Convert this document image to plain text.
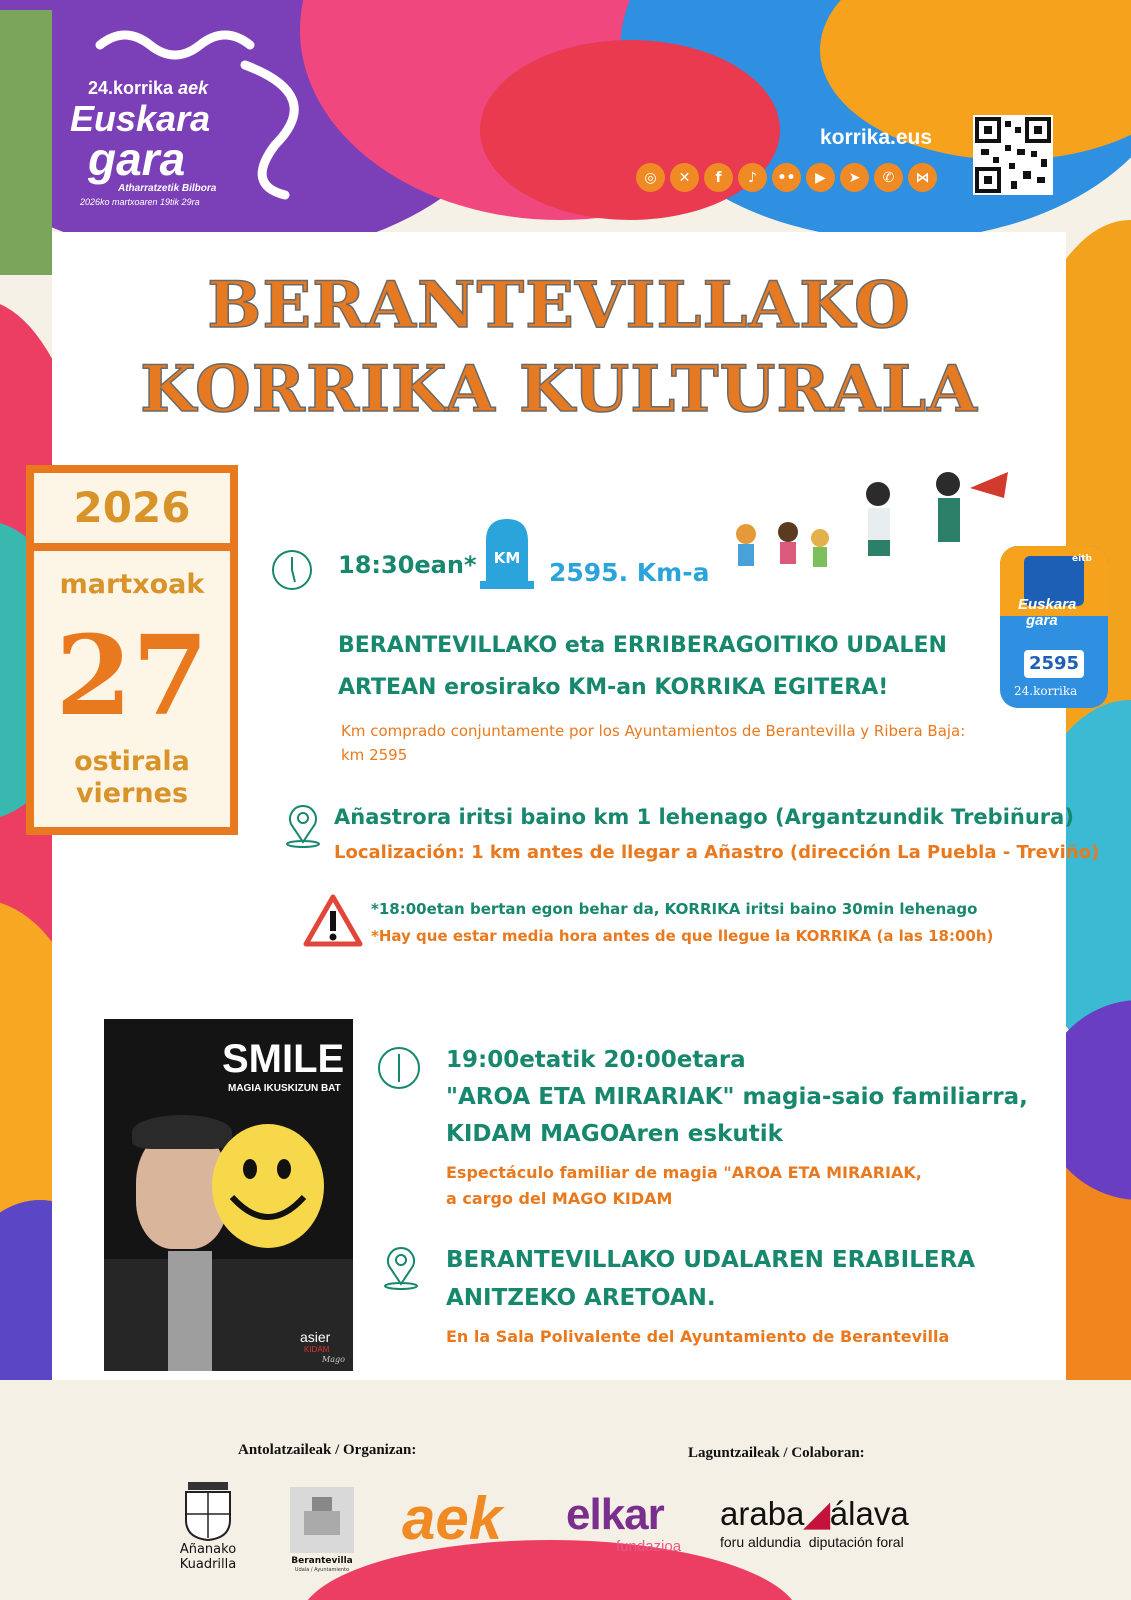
24.korrika aek
Euskara
gara
Atharratzetik Bilbora
2026ko martxoaren 19tik 29ra
korrika.eus
◎	✕	f	♪	••	▶	➤	✆	⋈
BERANTEVILLAKO
KORRIKA KULTURALA
2026
martxoak
27
ostirala
viernes
18:30ean* KM 2595. Km-a	eitb
Euskara
gara
2595
24.korrika
BERANTEVILLAKO eta ERRIBERAGOITIKO UDALEN
ARTEAN erosirako KM-an KORRIKA EGITERA!
Km comprado conjuntamente por los Ayuntamientos de Berantevilla y Ribera Baja:
km 2595
Añastrora iritsi baino km 1 lehenago (Argantzundik Trebiñura)
Localización: 1 km antes de llegar a Añastro (dirección La Puebla - Treviño)
*18:00etan bertan egon behar da, KORRIKA iritsi baino 30min lehenago
*Hay que estar media hora antes de que llegue la KORRIKA (a las 18:00h)
SMILE
MAGIA IKUSKIZUN BAT
asier
KIDAM
Mago
19:00etatik 20:00etara
"AROA ETA MIRARIAK" magia-saio familiarra,
KIDAM MAGOAren eskutik
Espectáculo familiar de magia "AROA ETA MIRARIAK,
a cargo del MAGO KIDAM
BERANTEVILLAKO UDALAREN ERABILERA
ANITZEKO ARETOAN.
En la Sala Polivalente del Ayuntamiento de Berantevilla
Antolatzaileak / Organizan:	Laguntzaileak / Colaboran:
Añanako
Kuadrilla	Berantevilla
Udala / Ayuntamiento
aek elkar
fundazioa
araba◢álava
foru aldundia diputación foral
